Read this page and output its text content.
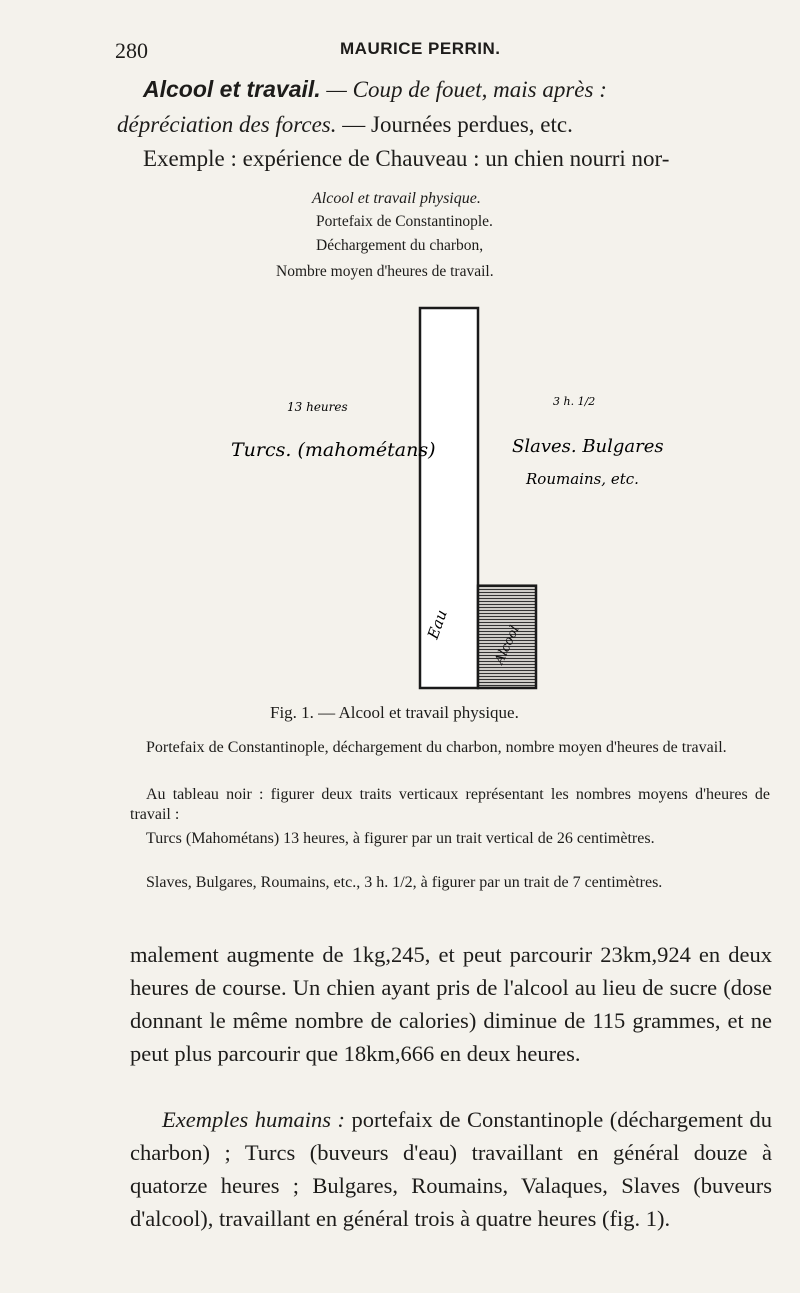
280	MAURICE PERRIN.

Alcool et travail. — Coup de fouet, mais après :

dépréciation des forces. — Journées perdues, etc.

Exemple : expérience de Chauveau : un chien nourri nor-

Alcool et travail physique.
Portefaix de Constantinople.
Déchargement du charbon,
Nombre moyen d'heures de travail.
13 heures
Turcs. (mahométans)
3 h. 1/2
Slaves. Bulgares
Roumains, etc.
Eau	Alcool
Fig. 1. — Alcool et travail physique.

Portefaix de Constantinople, déchargement du charbon, nombre moyen d'heures de travail.

Au tableau noir : figurer deux traits verticaux représentant les nombres moyens d'heures de travail :

Turcs (Mahométans) 13 heures, à figurer par un trait vertical de 26 centimètres.

Slaves, Bulgares, Roumains, etc., 3 h. 1/2, à figurer par un trait de 7 centimètres.

malement augmente de 1kg,245, et peut parcourir 23km,924 en deux heures de course. Un chien ayant pris de l'alcool au lieu de sucre (dose donnant le même nombre de calories) diminue de 115 grammes, et ne peut plus parcourir que 18km,666 en deux heures.

Exemples humains : portefaix de Constantinople (déchargement du charbon) ; Turcs (buveurs d'eau) travaillant en général douze à quatorze heures ; Bulgares, Roumains, Valaques, Slaves (buveurs d'alcool), travaillant en général trois à quatre heures (fig. 1).
